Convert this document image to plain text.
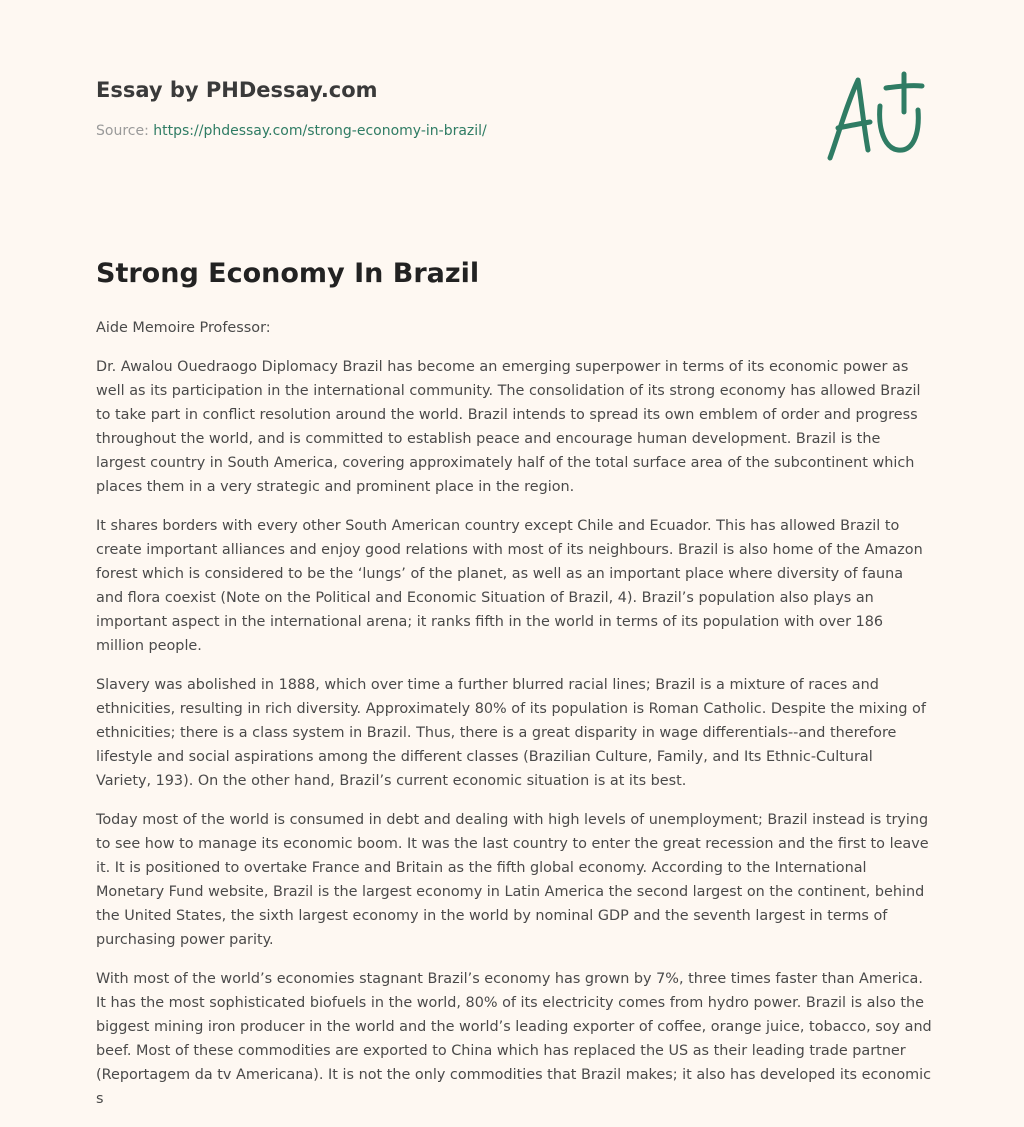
Essay by PHDessay.com
Source: https://phdessay.com/strong-economy-in-brazil/
Strong Economy In Brazil

Aide Memoire Professor:

Dr. Awalou Ouedraogo Diplomacy Brazil has become an emerging superpower in terms of its economic power as well as its participation in the international community. The consolidation of its strong economy has allowed Brazil to take part in conflict resolution around the world. Brazil intends to spread its own emblem of order and progress throughout the world, and is committed to establish peace and encourage human development. Brazil is the largest country in South America, covering approximately half of the total surface area of the subcontinent which places them in a very strategic and prominent place in the region.

It shares borders with every other South American country except Chile and Ecuador. This has allowed Brazil to create important alliances and enjoy good relations with most of its neighbours. Brazil is also home of the Amazon forest which is considered to be the ‘lungs’ of the planet, as well as an important place where diversity of fauna and flora coexist (Note on the Political and Economic Situation of Brazil, 4). Brazil’s population also plays an important aspect in the international arena; it ranks fifth in the world in terms of its population with over 186 million people.

Slavery was abolished in 1888, which over time a further blurred racial lines; Brazil is a mixture of races and ethnicities, resulting in rich diversity. Approximately 80% of its population is Roman Catholic. Despite the mixing of ethnicities; there is a class system in Brazil. Thus, there is a great disparity in wage differentials--and therefore lifestyle and social aspirations among the different classes (Brazilian Culture, Family, and Its Ethnic-Cultural Variety, 193). On the other hand, Brazil’s current economic situation is at its best.

Today most of the world is consumed in debt and dealing with high levels of unemployment; Brazil instead is trying to see how to manage its economic boom. It was the last country to enter the great recession and the first to leave it. It is positioned to overtake France and Britain as the fifth global economy. According to the International Monetary Fund website, Brazil is the largest economy in Latin America the second largest on the continent, behind the United States, the sixth largest economy in the world by nominal GDP and the seventh largest in terms of purchasing power parity.

With most of the world’s economies stagnant Brazil’s economy has grown by 7%, three times faster than America. It has the most sophisticated biofuels in the world, 80% of its electricity comes from hydro power. Brazil is also the biggest mining iron producer in the world and the world’s leading exporter of coffee, orange juice, tobacco, soy and beef. Most of these commodities are exported to China which has replaced the US as their leading trade partner (Reportagem da tv Americana). It is not the only commodities that Brazil makes; it also has developed its economic s
